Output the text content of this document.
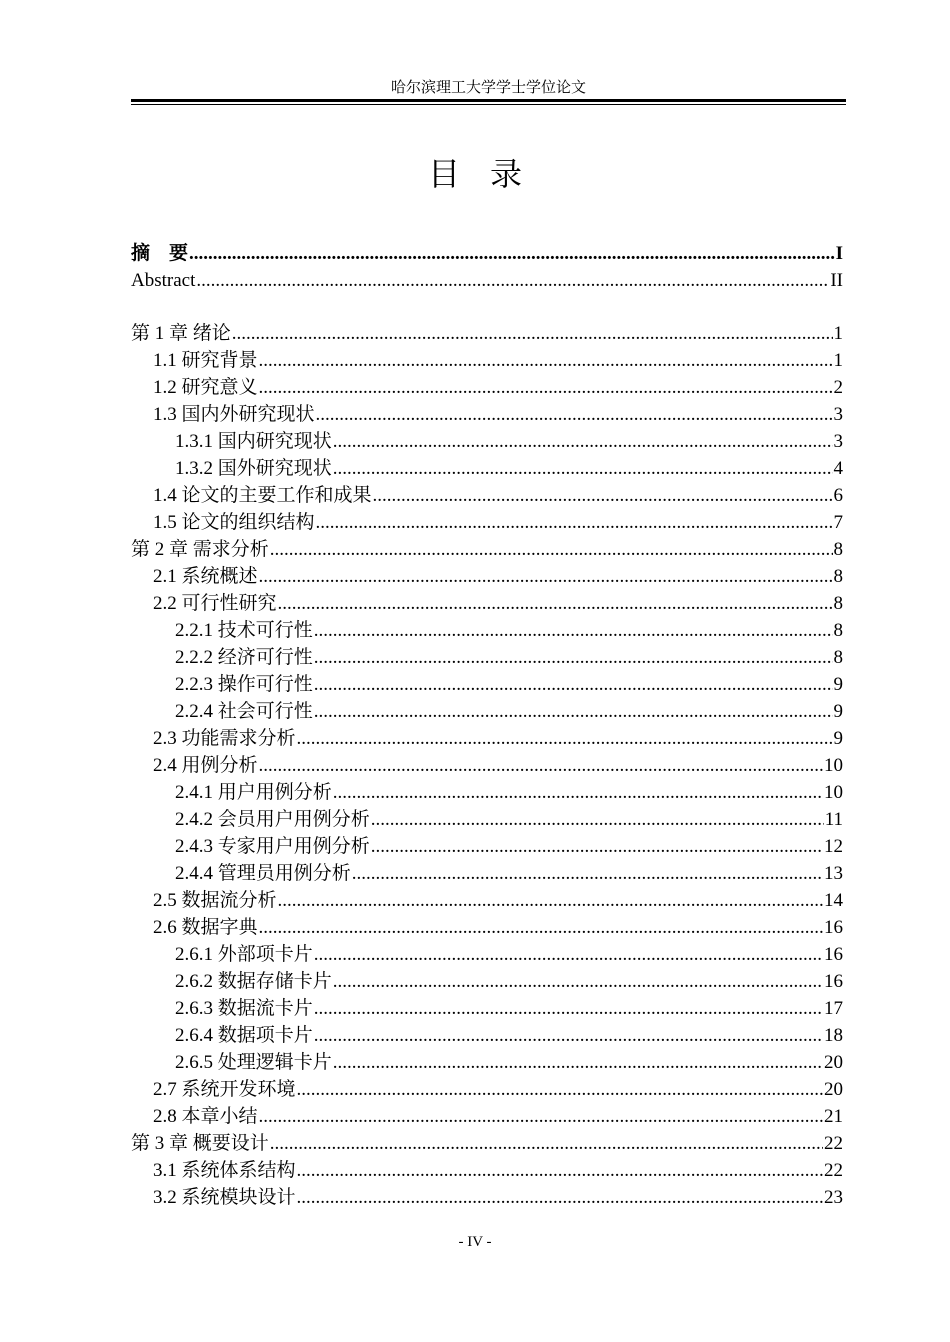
哈尔滨理工大学学士学位论文
目录
摘　要 .....	I
Abstract .....	II
第 1 章 绪论 .....	1
1.1 研究背景 .....	1
1.2 研究意义 .....	2
1.3 国内外研究现状 .....	3
1.3.1 国内研究现状 .....	3
1.3.2 国外研究现状 .....	4
1.4 论文的主要工作和成果 .....	6
1.5 论文的组织结构 .....	7
第 2 章 需求分析 .....	8
2.1 系统概述 .....	8
2.2 可行性研究 .....	8
2.2.1 技术可行性 .....	8
2.2.2 经济可行性 .....	8
2.2.3 操作可行性 .....	9
2.2.4 社会可行性 .....	9
2.3 功能需求分析 .....	9
2.4 用例分析 .....	10
2.4.1 用户用例分析 .....	10
2.4.2 会员用户用例分析 .....	11
2.4.3 专家用户用例分析 .....	12
2.4.4 管理员用例分析 .....	13
2.5 数据流分析 .....	14
2.6 数据字典 .....	16
2.6.1 外部项卡片 .....	16
2.6.2 数据存储卡片 .....	16
2.6.3 数据流卡片 .....	17
2.6.4 数据项卡片 .....	18
2.6.5 处理逻辑卡片 .....	20
2.7 系统开发环境 .....	20
2.8 本章小结 .....	21
第 3 章 概要设计 .....	22
3.1 系统体系结构 .....	22
3.2 系统模块设计 .....	23
- IV -
